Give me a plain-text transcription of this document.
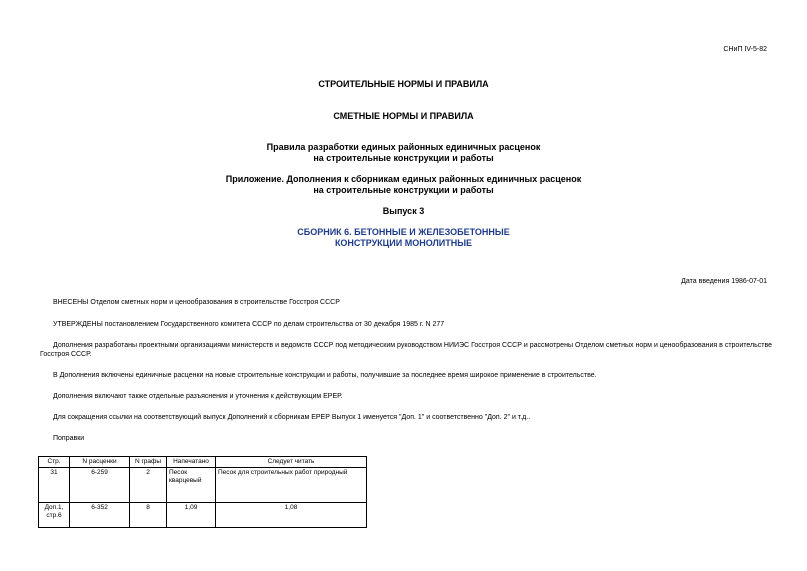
СНиП IV-5-82
СТРОИТЕЛЬНЫЕ НОРМЫ И ПРАВИЛА
СМЕТНЫЕ НОРМЫ И ПРАВИЛА
Правила разработки единых районных единичных расценок
на строительные конструкции и работы
Приложение. Дополнения к сборникам единых районных единичных расценок
на строительные конструкции и работы
Выпуск 3
СБОРНИК 6. БЕТОННЫЕ И ЖЕЛЕЗОБЕТОННЫЕ
КОНСТРУКЦИИ МОНОЛИТНЫЕ
Дата введения 1986-07-01
ВНЕСЕНЫ Отделом сметных норм и ценообразования в строительстве Госстроя СССР
УТВЕРЖДЕНЫ постановлением Государственного комитета СССР по делам строительства от 30 декабря 1985 г. N 277
Дополнения разработаны проектными организациями министерств и ведомств СССР под методическим руководством НИИЭС Госстроя СССР и рассмотрены Отделом сметных норм и ценообразования в строительстве Госстроя СССР.
В Дополнения включены единичные расценки на новые строительные конструкции и работы, получившие за последнее время широкое применение в строительстве.
Дополнения включают также отдельные разъяснения и уточнения к действующим ЕРЕР.
Для сокращения ссылки на соответствующий выпуск Дополнений к сборникам ЕРЕР Выпуск 1 именуется "Доп. 1" и соответственно "Доп. 2" и т.д..
Поправки
Стр.	N расценки	N графы	Напечатано	Следует читать
31	6-259	2	Песок кварцевый	Песок для строительных работ природный
Доп.1, стр.6	6-352	8	1,09	1,08
